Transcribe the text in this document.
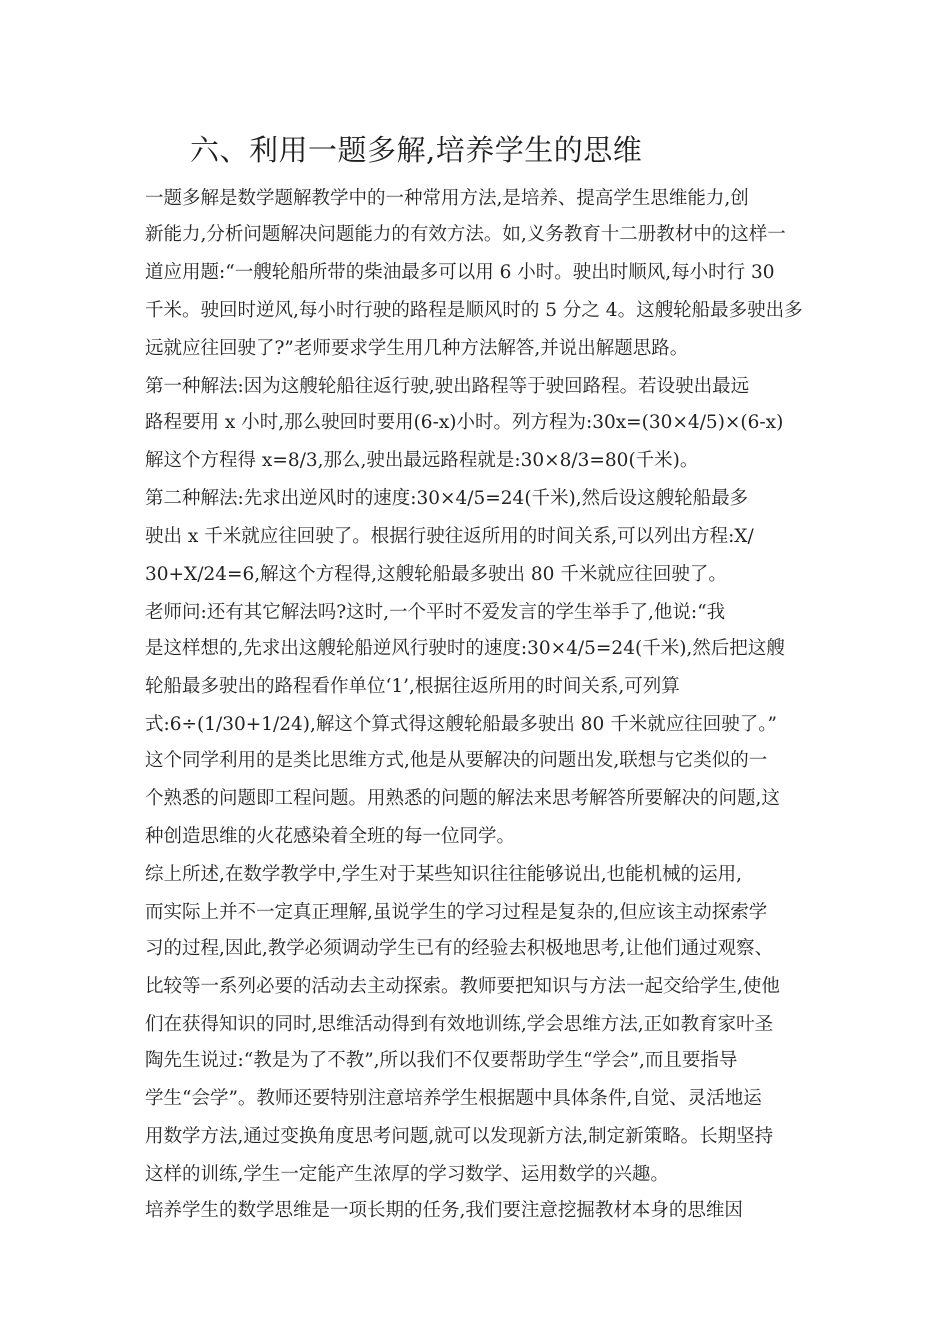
六、利用一题多解,培养学生的思维
一题多解是数学题解教学中的一种常用方法,是培养、提高学生思维能力,创
新能力,分析问题解决问题能力的有效方法。如,义务教育十二册教材中的这样一
道应用题:“一艘轮船所带的柴油最多可以用 6 小时。驶出时顺风,每小时行 30
千米。驶回时逆风,每小时行驶的路程是顺风时的 5 分之 4。这艘轮船最多驶出多
远就应往回驶了?”老师要求学生用几种方法解答,并说出解题思路。
第一种解法:因为这艘轮船往返行驶,驶出路程等于驶回路程。若设驶出最远
路程要用 x 小时,那么驶回时要用(6-x)小时。列方程为:30x=(30×4/5)×(6-x)
解这个方程得 x=8/3,那么,驶出最远路程就是:30×8/3=80(千米)。
第二种解法:先求出逆风时的速度:30×4/5=24(千米),然后设这艘轮船最多
驶出 x 千米就应往回驶了。根据行驶往返所用的时间关系,可以列出方程:X/
30+X/24=6,解这个方程得,这艘轮船最多驶出 80 千米就应往回驶了。
老师问:还有其它解法吗?这时,一个平时不爱发言的学生举手了,他说:“我
是这样想的,先求出这艘轮船逆风行驶时的速度:30×4/5=24(千米),然后把这艘
轮船最多驶出的路程看作单位‘1’,根据往返所用的时间关系,可列算
式:6÷(1/30+1/24),解这个算式得这艘轮船最多驶出 80 千米就应往回驶了。”
这个同学利用的是类比思维方式,他是从要解决的问题出发,联想与它类似的一
个熟悉的问题即工程问题。用熟悉的问题的解法来思考解答所要解决的问题,这
种创造思维的火花感染着全班的每一位同学。
综上所述,在数学教学中,学生对于某些知识往往能够说出,也能机械的运用,
而实际上并不一定真正理解,虽说学生的学习过程是复杂的,但应该主动探索学
习的过程,因此,教学必须调动学生已有的经验去积极地思考,让他们通过观察、
比较等一系列必要的活动去主动探索。教师要把知识与方法一起交给学生,使他
们在获得知识的同时,思维活动得到有效地训练,学会思维方法,正如教育家叶圣
陶先生说过:“教是为了不教”,所以我们不仅要帮助学生“学会”,而且要指导
学生“会学”。教师还要特别注意培养学生根据题中具体条件,自觉、灵活地运
用数学方法,通过变换角度思考问题,就可以发现新方法,制定新策略。长期坚持
这样的训练,学生一定能产生浓厚的学习数学、运用数学的兴趣。
培养学生的数学思维是一项长期的任务,我们要注意挖掘教材本身的思维因
